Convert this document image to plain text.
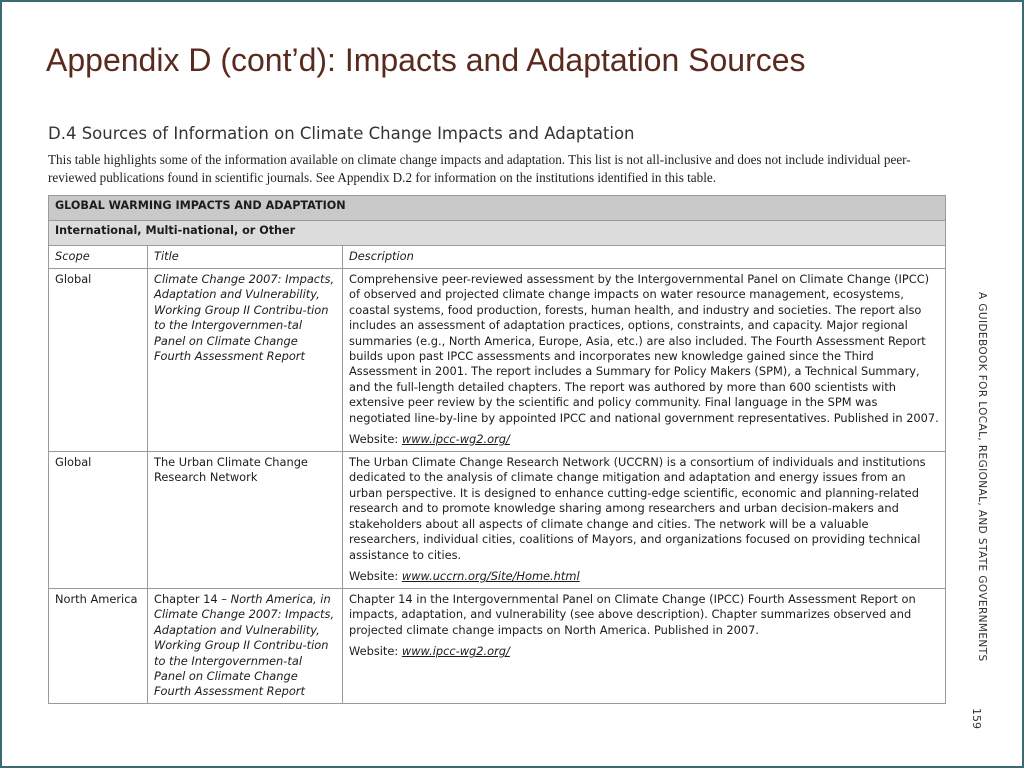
Appendix D (cont’d): Impacts and Adaptation Sources
D.4 Sources of Information on Climate Change Impacts and Adaptation
This table highlights some of the information available on climate change impacts and adaptation. This list is not all-inclusive and does not include individual peer-reviewed publications found in scientific journals. See Appendix D.2 for information on the institutions identified in this table.
GLOBAL WARMING IMPACTS AND ADAPTATION		
International, Multi-national, or Other		
Scope	Title	Description
Global	Climate Change 2007: Impacts, Adaptation and Vulnerability, Working Group II Contribu-tion to the Intergovernmen-tal Panel on Climate Change Fourth Assessment Report	Comprehensive peer-reviewed assessment by the Intergovernmental Panel on Climate Change (IPCC) of observed and projected climate change impacts on water resource management, ecosystems, coastal systems, food production, forests, human health, and industry and societies. The report also includes an assessment of adaptation practices, options, constraints, and capacity. Major regional summaries (e.g., North America, Europe, Asia, etc.) are also included. The Fourth Assessment Report builds upon past IPCC assessments and incorporates new knowledge gained since the Third Assessment in 2001. The report includes a Summary for Policy Makers (SPM), a Technical Summary, and the full-length detailed chapters. The report was authored by more than 600 scientists with extensive peer review by the scientific and policy community. Final language in the SPM was negotiated line-by-line by appointed IPCC and national government representatives. Published in 2007.
Website: www.ipcc-wg2.org/

Global	The Urban Climate Change Research Network	The Urban Climate Change Research Network (UCCRN) is a consortium of individuals and institutions dedicated to the analysis of climate change mitigation and adaptation and energy issues from an urban perspective. It is designed to enhance cutting-edge scientific, economic and planning-related research and to promote knowledge sharing among researchers and urban decision-makers and stakeholders about all aspects of climate change and cities. The network will be a valuable researchers, individual cities, coalitions of Mayors, and organizations focused on providing technical assistance to cities.
Website: www.uccrn.org/Site/Home.html

North America	Chapter 14 – North America, in Climate Change 2007: Impacts, Adaptation and Vulnerability, Working Group II Contribu-tion to the Intergovernmen-tal Panel on Climate Change Fourth Assessment Report	Chapter 14 in the Intergovernmental Panel on Climate Change (IPCC) Fourth Assessment Report on impacts, adaptation, and vulnerability (see above description). Chapter summarizes observed and projected climate change impacts on North America. Published in 2007.
Website: www.ipcc-wg2.org/	A GUIDEBOOK FOR LOCAL, REGIONAL, AND STATE GOVERNMENTS
159
